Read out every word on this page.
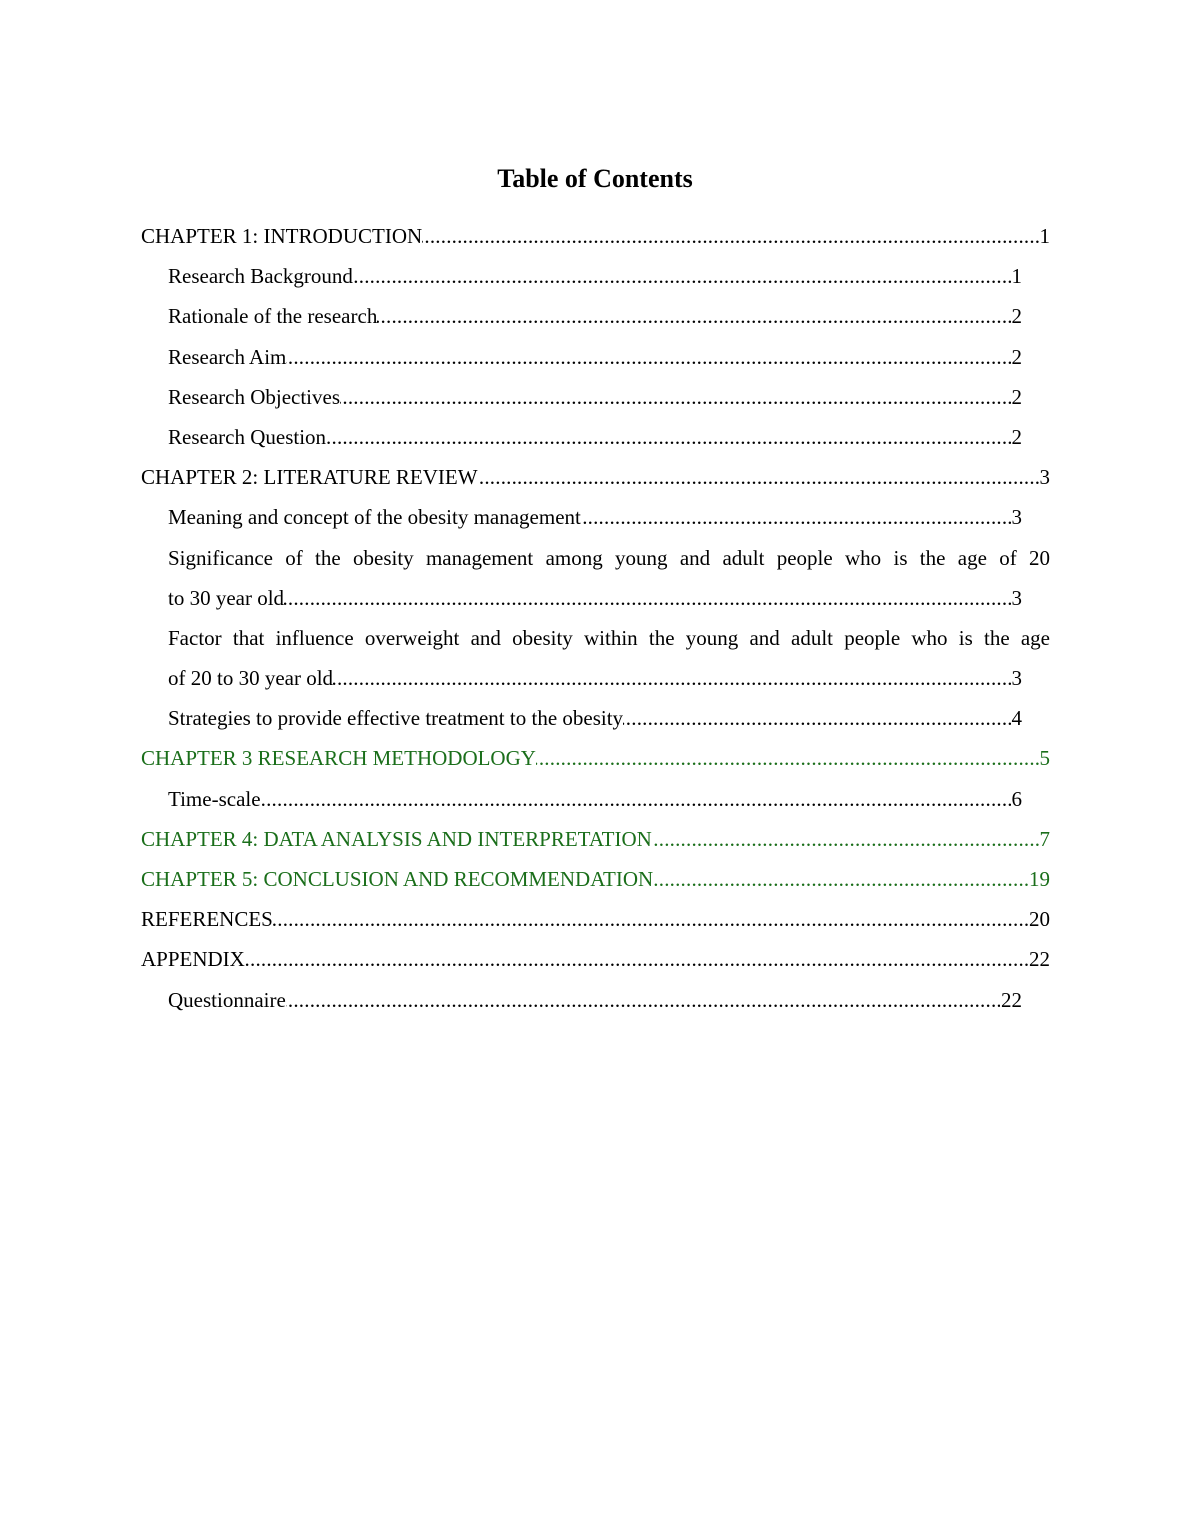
Table of Contents
.....
CHAPTER 1: INTRODUCTION	1
.....
Research Background	1
.....
Rationale of the research	2
.....
Research Aim	2
.....
Research Objectives	2
.....
Research Question	2
.....
CHAPTER 2: LITERATURE REVIEW	3
.....
Meaning and concept of the obesity management	3
Significance of the obesity management among young and adult people who is the age of 20
.....
to 30 year old	3
Factor that influence overweight and obesity within the young and adult people who is the age
.....
of 20 to 30 year old	3
.....
Strategies to provide effective treatment to the obesity	4
.....
CHAPTER 3 RESEARCH METHODOLOGY	5
.....
Time-scale	6
.....
CHAPTER 4: DATA ANALYSIS AND INTERPRETATION	7
.....
CHAPTER 5: CONCLUSION AND RECOMMENDATION	19
.....
REFERENCES	20
.....
APPENDIX	22
.....
Questionnaire	22
